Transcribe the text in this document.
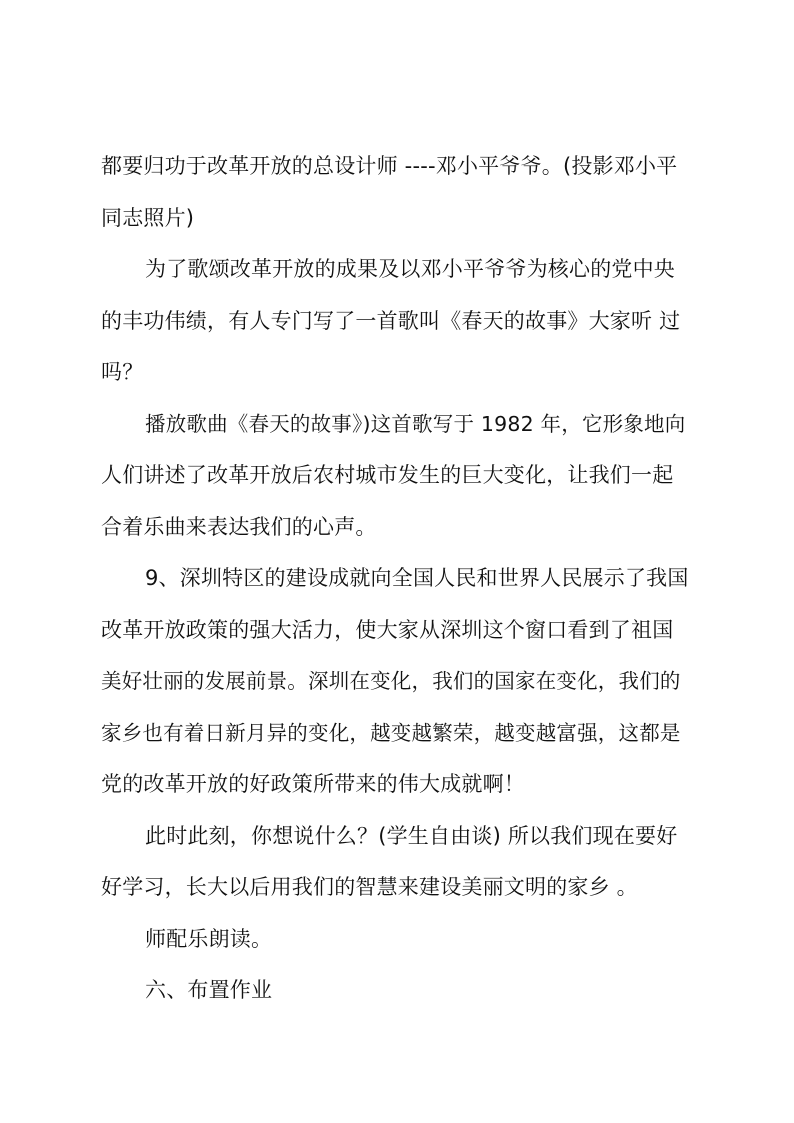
都要归功于改革开放的总设计师 ----邓小平爷爷。(投影邓小平
同志照片)
为了歌颂改革开放的成果及以邓小平爷爷为核心的党中央
的丰功伟绩，有人专门写了一首歌叫《春天的故事》大家听 过
吗？
播放歌曲《春天的故事》)这首歌写于 1982 年，它形象地向
人们讲述了改革开放后农村城市发生的巨大变化，让我们一起
合着乐曲来表达我们的心声。
9、深圳特区的建设成就向全国人民和世界人民展示了我国
改革开放政策的强大活力，使大家从深圳这个窗口看到了祖国
美好壮丽的发展前景。深圳在变化，我们的国家在变化，我们的
家乡也有着日新月异的变化，越变越繁荣，越变越富强，这都是
党的改革开放的好政策所带来的伟大成就啊！
此时此刻，你想说什么？(学生自由谈) 所以我们现在要好
好学习，长大以后用我们的智慧来建设美丽文明的家乡 。
师配乐朗读。
六、布置作业
